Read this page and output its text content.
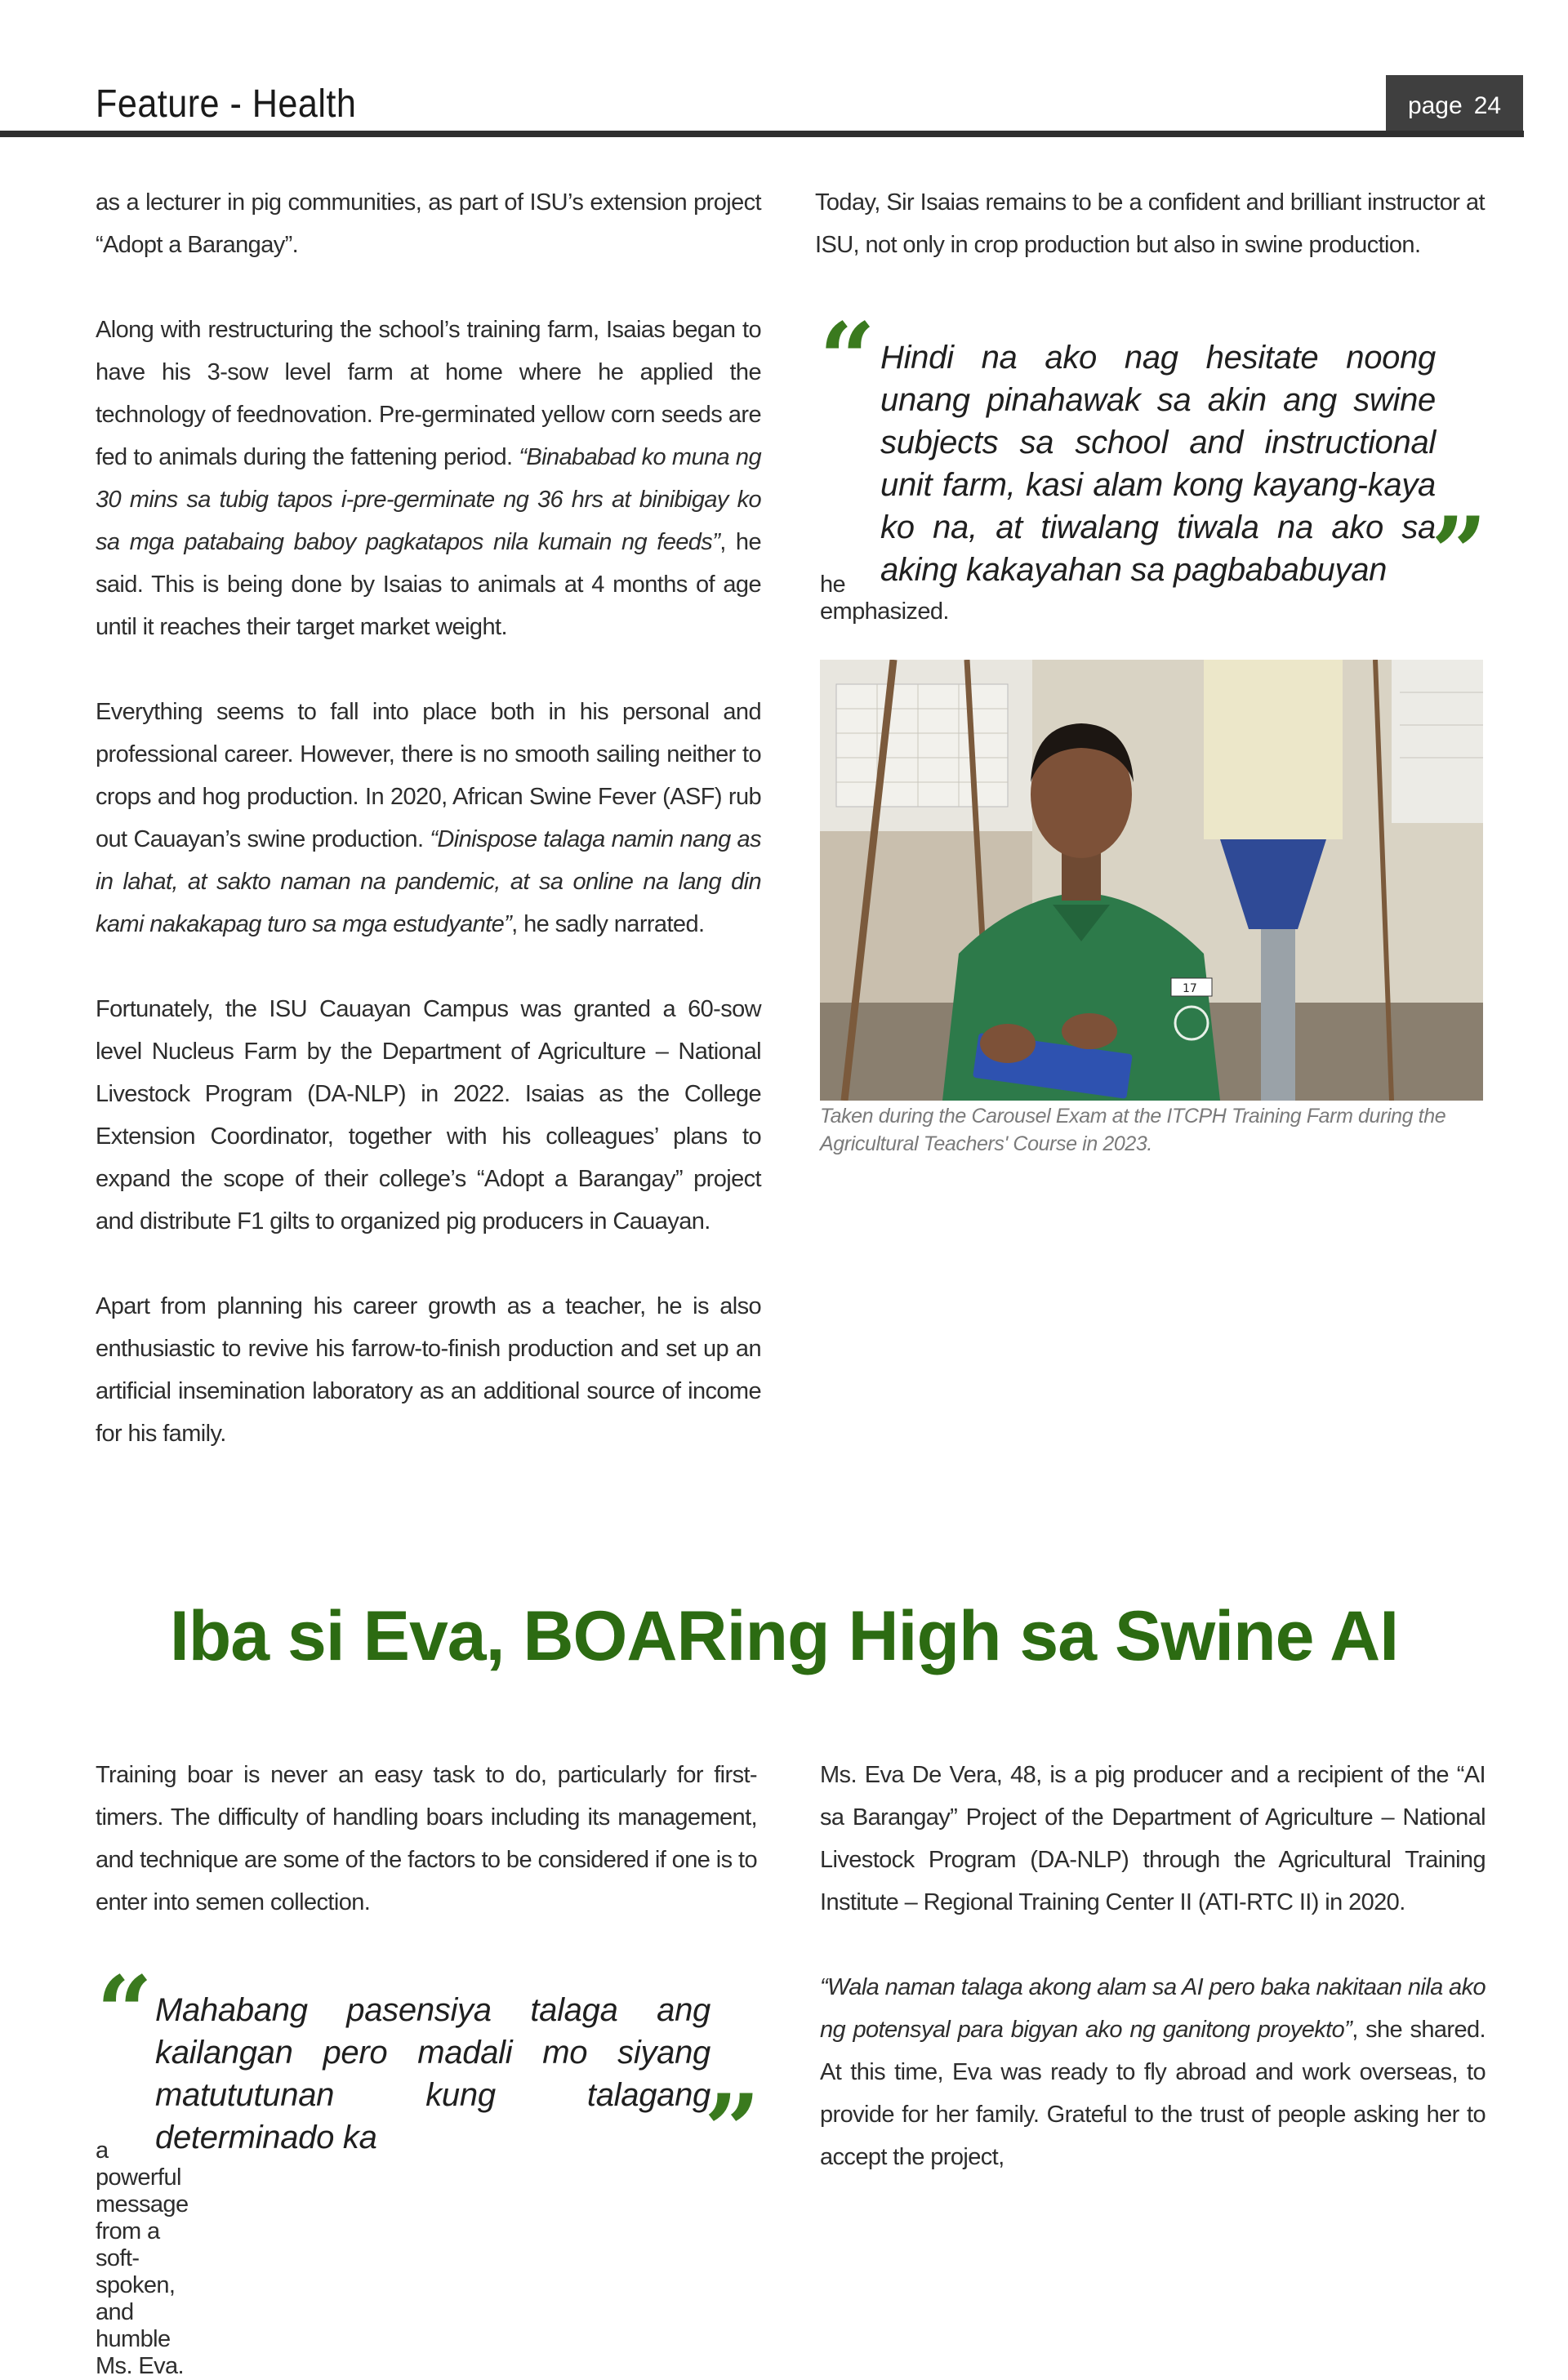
Feature - Health	page 24

as a lecturer in pig communities, as part of ISU’s extension project “Adopt a Barangay”.

Along with restructuring the school’s training farm, Isaias began to have his 3-sow level farm at home where he applied the technology of feednovation. Pre-germinated yellow corn seeds are fed to animals during the fattening period. “Binababad ko muna ng 30 mins sa tubig tapos i-pre-germinate ng 36 hrs at binibigay ko sa mga patabaing baboy pagkatapos nila kumain ng feeds”, he said. This is being done by Isaias to animals at 4 months of age until it reaches their target market weight.

Everything seems to fall into place both in his personal and professional career. However, there is no smooth sailing neither to crops and hog production. In 2020, African Swine Fever (ASF) rub out Cauayan’s swine production. “Dinispose talaga namin nang as in lahat, at sakto naman na pandemic, at sa online na lang din kami nakakapag turo sa mga estudyante”, he sadly narrated.

Fortunately, the ISU Cauayan Campus was granted a 60-sow level Nucleus Farm by the Department of Agriculture – National Livestock Program (DA-NLP) in 2022. Isaias as the College Extension Coordinator, together with his colleagues’ plans to expand the scope of their college’s “Adopt a Barangay” project and distribute F1 gilts to organized pig producers in Cauayan.

Apart from planning his career growth as a teacher, he is also enthusiastic to revive his farrow-to-finish production and set up an artificial insemination laboratory as an additional source of income for his family.

Today, Sir Isaias remains to be a confident and brilliant instructor at ISU, not only in crop production but also in swine production.

“ Hindi na ako nag hesitate noong unang pinahawak sa akin ang swine subjects sa school and instructional unit farm, kasi alam kong kayang-kaya ko na, at tiwalang tiwala na ako sa aking kakayahan sa pagbababuyan ”
he emphasized.
17
Taken during the Carousel Exam at the ITCPH Training Farm during the Agricultural Teachers' Course in 2023.
Iba si Eva, BOARing High sa Swine AI

Training boar is never an easy task to do, particularly for first-timers. The difficulty of handling boars including its management, and technique are some of the factors to be considered if one is to enter into semen collection.

“ Mahabang pasensiya talaga ang kailangan pero madali mo siyang matututunan kung talagang determinado ka	”
a powerful message from a soft-spoken, and humble Ms. Eva.

Ms. Eva De Vera, 48, is a pig producer and a recipient of the “AI sa Barangay” Project of the Department of Agriculture – National Livestock Program (DA-NLP) through the Agricultural Training Institute – Regional Training Center II (ATI-RTC II) in 2020.

“Wala naman talaga akong alam sa AI pero baka nakitaan nila ako ng potensyal para bigyan ako ng ganitong proyekto”, she shared. At this time, Eva was ready to fly abroad and work overseas, to provide for her family. Grateful to the trust of people asking her to accept the project,
